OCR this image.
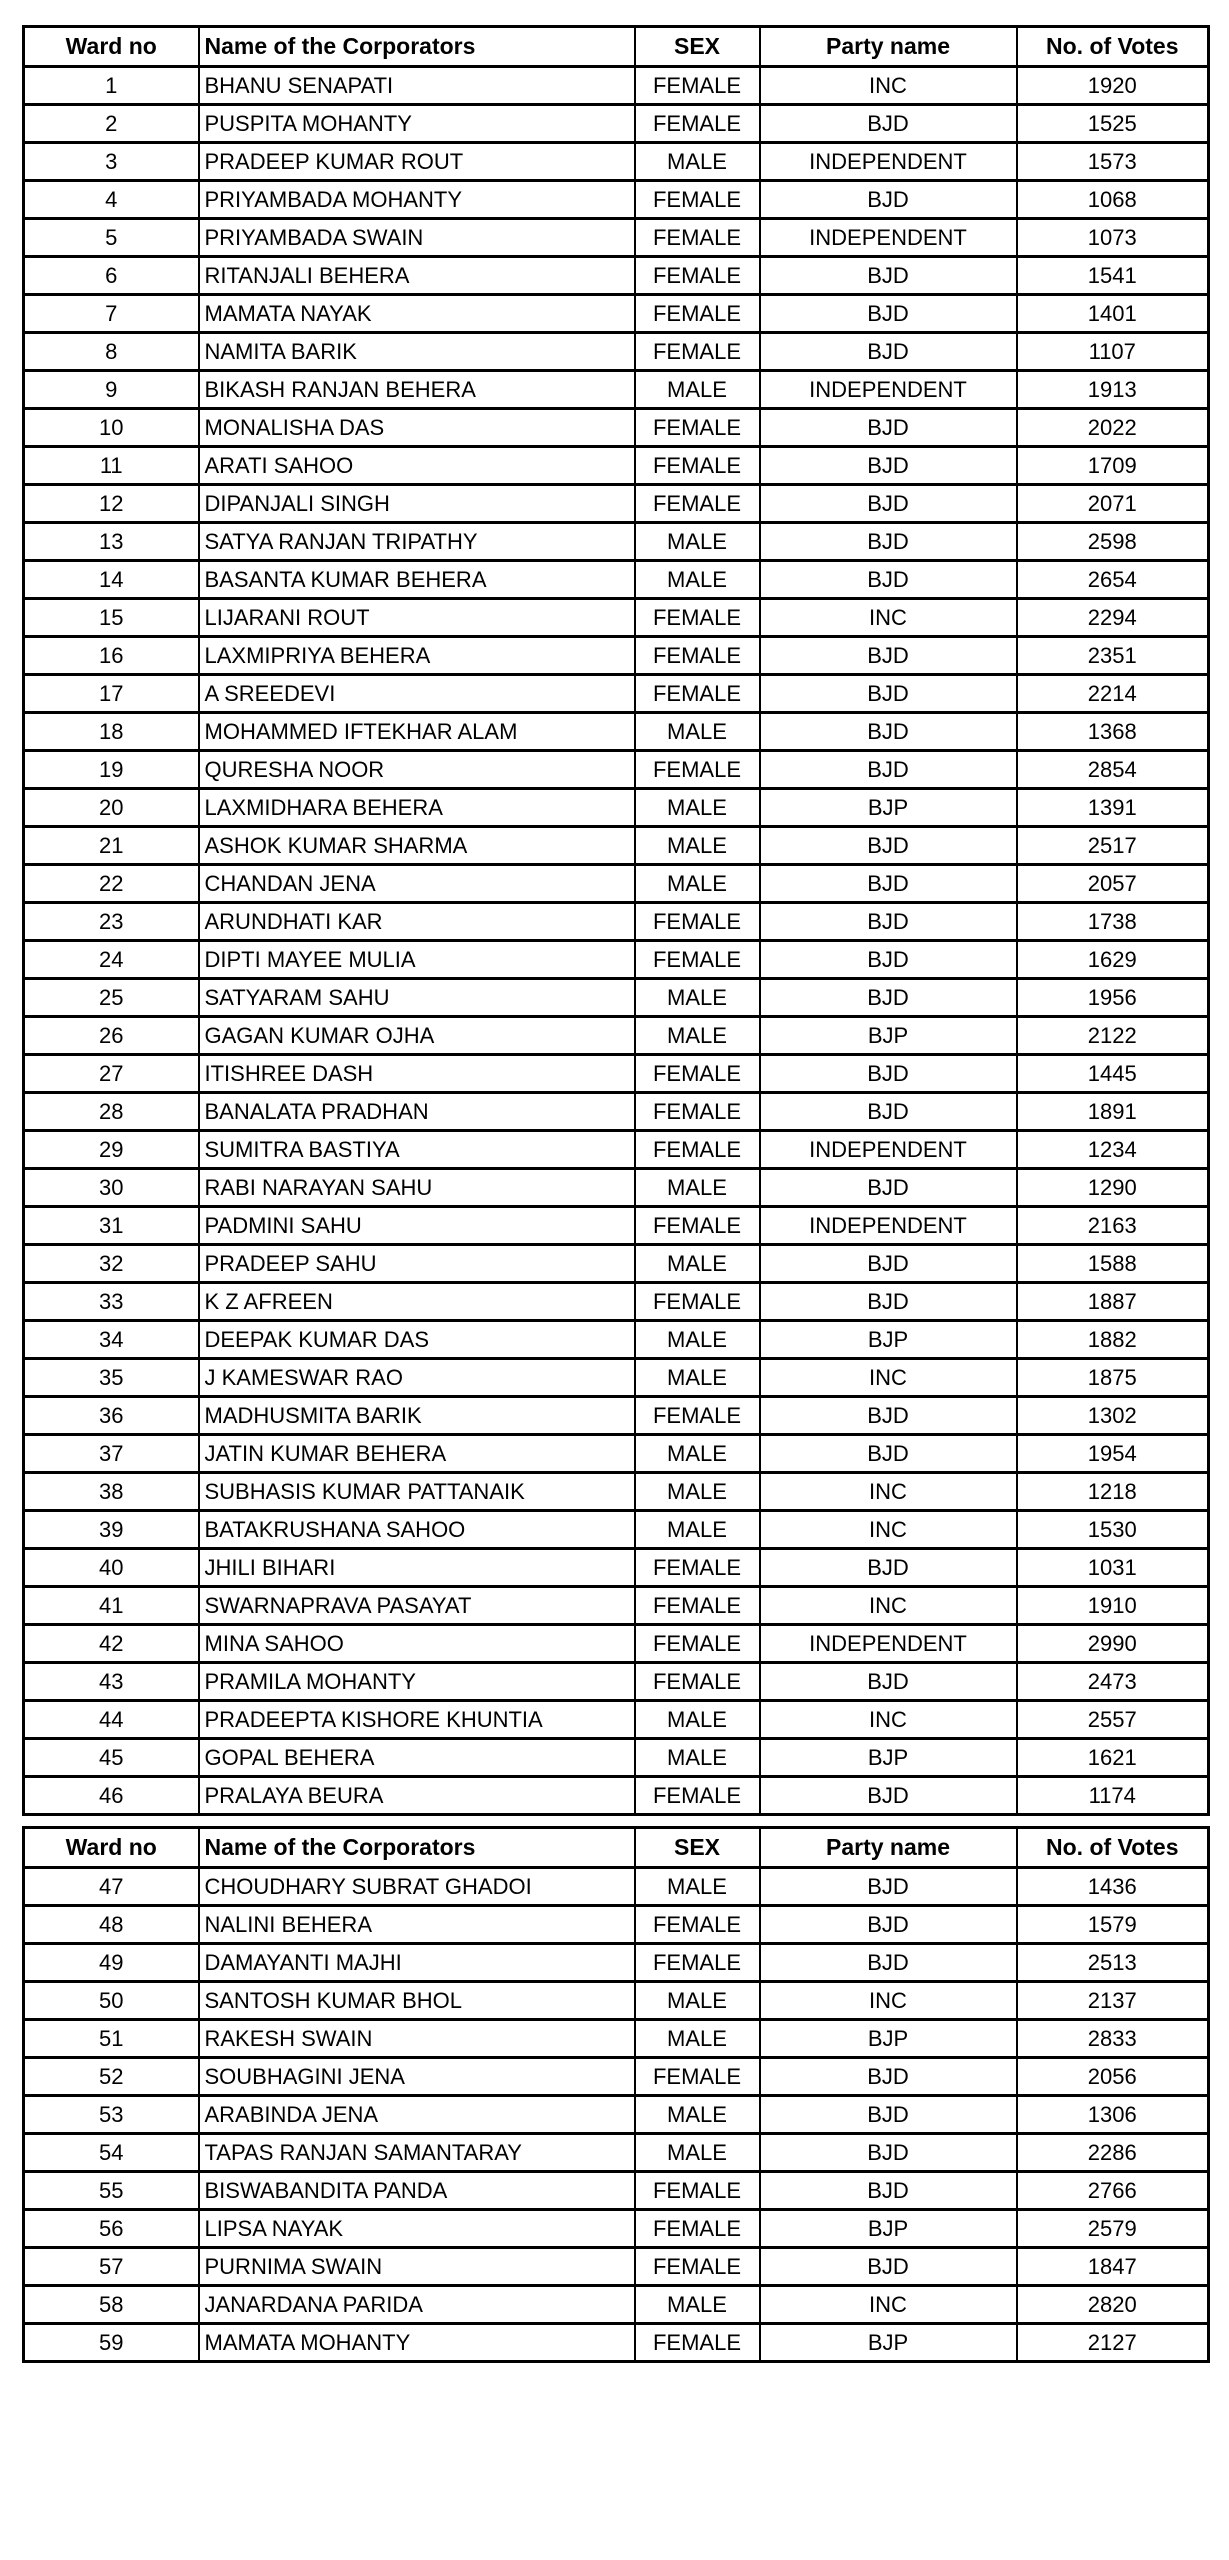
Ward no	Name of the Corporators	SEX	Party name	No. of Votes
1	BHANU SENAPATI	FEMALE	INC	1920
2	PUSPITA MOHANTY	FEMALE	BJD	1525
3	PRADEEP KUMAR ROUT	MALE	INDEPENDENT	1573
4	PRIYAMBADA MOHANTY	FEMALE	BJD	1068
5	PRIYAMBADA SWAIN	FEMALE	INDEPENDENT	1073
6	RITANJALI BEHERA	FEMALE	BJD	1541
7	MAMATA NAYAK	FEMALE	BJD	1401
8	NAMITA BARIK	FEMALE	BJD	1107
9	BIKASH RANJAN BEHERA	MALE	INDEPENDENT	1913
10	MONALISHA DAS	FEMALE	BJD	2022
11	ARATI SAHOO	FEMALE	BJD	1709
12	DIPANJALI SINGH	FEMALE	BJD	2071
13	SATYA RANJAN TRIPATHY	MALE	BJD	2598
14	BASANTA KUMAR BEHERA	MALE	BJD	2654
15	LIJARANI ROUT	FEMALE	INC	2294
16	LAXMIPRIYA BEHERA	FEMALE	BJD	2351
17	A SREEDEVI	FEMALE	BJD	2214
18	MOHAMMED IFTEKHAR ALAM	MALE	BJD	1368
19	QURESHA NOOR	FEMALE	BJD	2854
20	LAXMIDHARA BEHERA	MALE	BJP	1391
21	ASHOK KUMAR SHARMA	MALE	BJD	2517
22	CHANDAN JENA	MALE	BJD	2057
23	ARUNDHATI KAR	FEMALE	BJD	1738
24	DIPTI MAYEE MULIA	FEMALE	BJD	1629
25	SATYARAM SAHU	MALE	BJD	1956
26	GAGAN KUMAR OJHA	MALE	BJP	2122
27	ITISHREE DASH	FEMALE	BJD	1445
28	BANALATA PRADHAN	FEMALE	BJD	1891
29	SUMITRA BASTIYA	FEMALE	INDEPENDENT	1234
30	RABI NARAYAN SAHU	MALE	BJD	1290
31	PADMINI SAHU	FEMALE	INDEPENDENT	2163
32	PRADEEP SAHU	MALE	BJD	1588
33	K Z AFREEN	FEMALE	BJD	1887
34	DEEPAK KUMAR DAS	MALE	BJP	1882
35	J KAMESWAR RAO	MALE	INC	1875
36	MADHUSMITA BARIK	FEMALE	BJD	1302
37	JATIN KUMAR BEHERA	MALE	BJD	1954
38	SUBHASIS KUMAR PATTANAIK	MALE	INC	1218
39	BATAKRUSHANA SAHOO	MALE	INC	1530
40	JHILI BIHARI	FEMALE	BJD	1031
41	SWARNAPRAVA PASAYAT	FEMALE	INC	1910
42	MINA SAHOO	FEMALE	INDEPENDENT	2990
43	PRAMILA MOHANTY	FEMALE	BJD	2473
44	PRADEEPTA KISHORE KHUNTIA	MALE	INC	2557
45	GOPAL BEHERA	MALE	BJP	1621
46	PRALAYA BEURA	FEMALE	BJD	1174
Ward no	Name of the Corporators	SEX	Party name	No. of Votes
47	CHOUDHARY SUBRAT GHADOI	MALE	BJD	1436
48	NALINI BEHERA	FEMALE	BJD	1579
49	DAMAYANTI MAJHI	FEMALE	BJD	2513
50	SANTOSH KUMAR BHOL	MALE	INC	2137
51	RAKESH SWAIN	MALE	BJP	2833
52	SOUBHAGINI JENA	FEMALE	BJD	2056
53	ARABINDA JENA	MALE	BJD	1306
54	TAPAS RANJAN SAMANTARAY	MALE	BJD	2286
55	BISWABANDITA PANDA	FEMALE	BJD	2766
56	LIPSA NAYAK	FEMALE	BJP	2579
57	PURNIMA SWAIN	FEMALE	BJD	1847
58	JANARDANA PARIDA	MALE	INC	2820
59	MAMATA MOHANTY	FEMALE	BJP	2127
